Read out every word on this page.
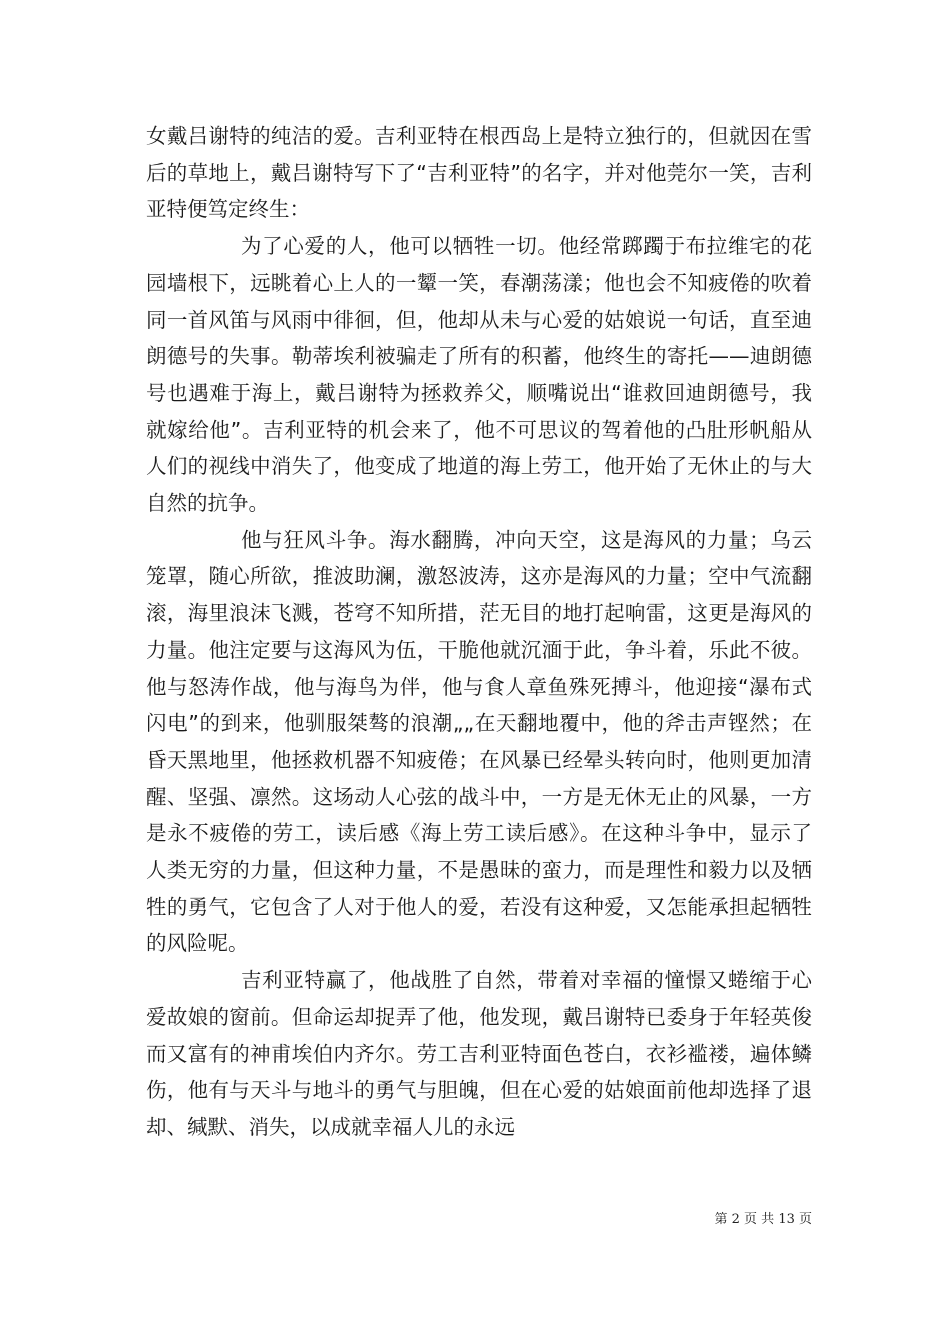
女戴吕谢特的纯洁的爱。吉利亚特在根西岛上是特立独行的，但就因在雪后的草地上，戴吕谢特写下了“吉利亚特”的名字，并对他莞尔一笑，吉利亚特便笃定终生：

为了心爱的人，他可以牺牲一切。他经常踯躅于布拉维宅的花园墙根下，远眺着心上人的一颦一笑，春潮荡漾；他也会不知疲倦的吹着同一首风笛与风雨中徘徊，但，他却从未与心爱的姑娘说一句话，直至迪朗德号的失事。勒蒂埃利被骗走了所有的积蓄，他终生的寄托——迪朗德号也遇难于海上，戴吕谢特为拯救养父，顺嘴说出“谁救回迪朗德号，我就嫁给他”。吉利亚特的机会来了，他不可思议的驾着他的凸肚形帆船从人们的视线中消失了，他变成了地道的海上劳工，他开始了无休止的与大自然的抗争。

他与狂风斗争。海水翻腾，冲向天空，这是海风的力量；乌云笼罩，随心所欲，推波助澜，激怒波涛，这亦是海风的力量；空中气流翻滚，海里浪沫飞溅，苍穹不知所措，茫无目的地打起响雷，这更是海风的力量。他注定要与这海风为伍，干脆他就沉湎于此，争斗着，乐此不彼。他与怒涛作战，他与海鸟为伴，他与食人章鱼殊死搏斗，他迎接“瀑布式闪电”的到来，他驯服桀骜的浪潮„„在天翻地覆中，他的斧击声铿然；在昏天黑地里，他拯救机器不知疲倦；在风暴已经晕头转向时，他则更加清醒、坚强、凛然。这场动人心弦的战斗中，一方是无休无止的风暴，一方是永不疲倦的劳工，读后感《海上劳工读后感》。在这种斗争中，显示了人类无穷的力量，但这种力量，不是愚昧的蛮力，而是理性和毅力以及牺牲的勇气，它包含了人对于他人的爱，若没有这种爱，又怎能承担起牺牲的风险呢。

吉利亚特赢了，他战胜了自然，带着对幸福的憧憬又蜷缩于心爱故娘的窗前。但命运却捉弄了他，他发现，戴吕谢特已委身于年轻英俊而又富有的神甫埃伯内齐尔。劳工吉利亚特面色苍白，衣衫褴褛，遍体鳞伤，他有与天斗与地斗的勇气与胆魄，但在心爱的姑娘面前他却选择了退却、缄默、消失，以成就幸福人儿的永远

第 2 页 共 13 页
